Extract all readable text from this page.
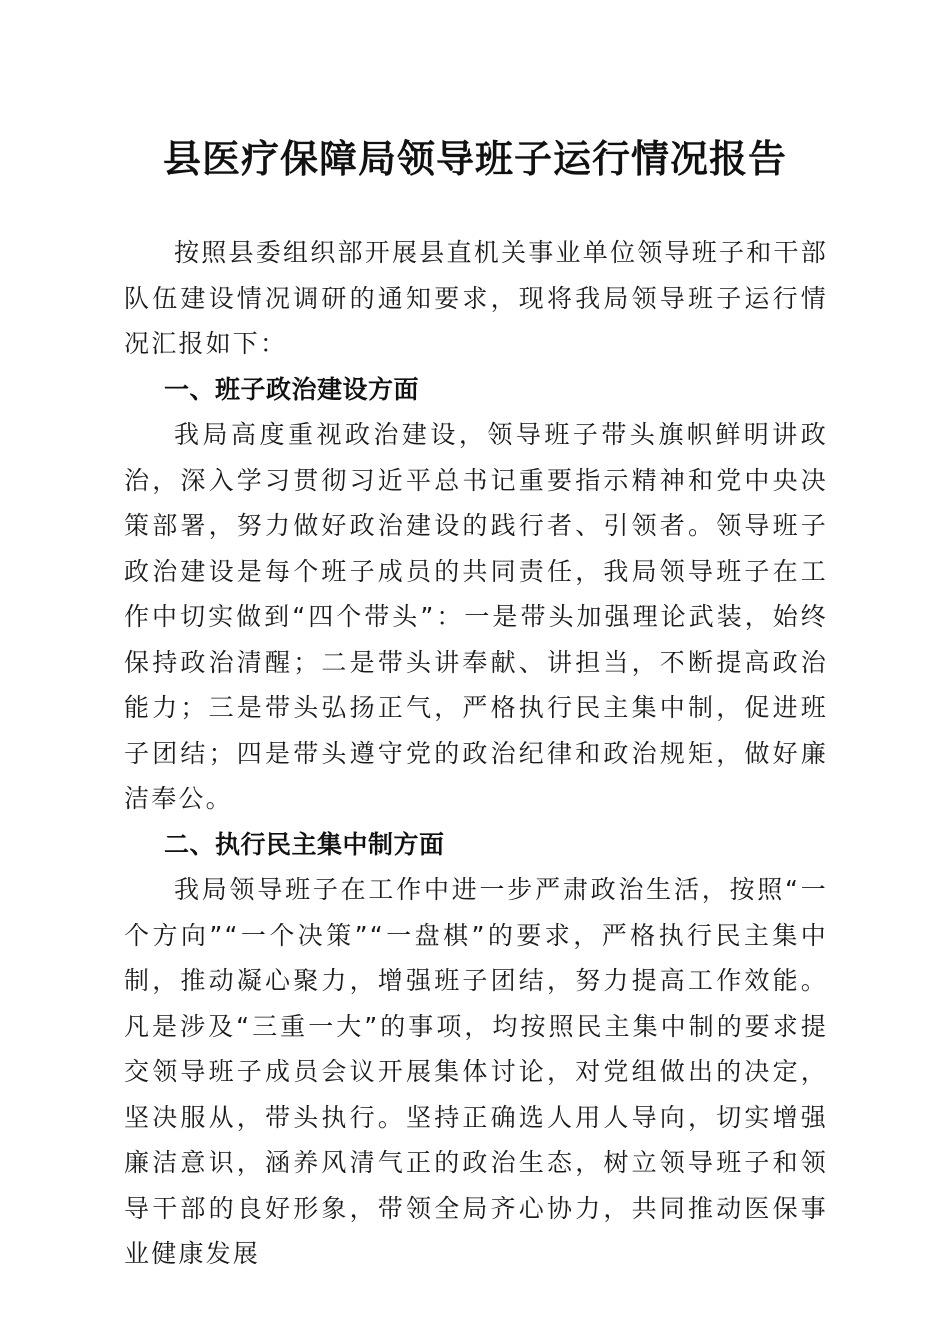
县医疗保障局领导班子运行情况报告

按照县委组织部开展县直机关事业单位领导班子和干部队伍建设情况调研的通知要求，现将我局领导班子运行情况汇报如下：

一、班子政治建设方面

我局高度重视政治建设，领导班子带头旗帜鲜明讲政治，深入学习贯彻习近平总书记重要指示精神和党中央决策部署，努力做好政治建设的践行者、引领者。领导班子政治建设是每个班子成员的共同责任，我局领导班子在工作中切实做到“四个带头”：一是带头加强理论武装，始终保持政治清醒；二是带头讲奉献、讲担当，不断提高政治能力；三是带头弘扬正气，严格执行民主集中制，促进班子团结；四是带头遵守党的政治纪律和政治规矩，做好廉洁奉公。

二、执行民主集中制方面

我局领导班子在工作中进一步严肃政治生活，按照“一个方向”“一个决策”“一盘棋”的要求，严格执行民主集中制，推动凝心聚力，增强班子团结，努力提高工作效能。凡是涉及“三重一大”的事项，均按照民主集中制的要求提交领导班子成员会议开展集体讨论，对党组做出的决定，坚决服从，带头执行。坚持正确选人用人导向，切实增强廉洁意识，涵养风清气正的政治生态，树立领导班子和领导干部的良好形象，带领全局齐心协力，共同推动医保事业健康发展
